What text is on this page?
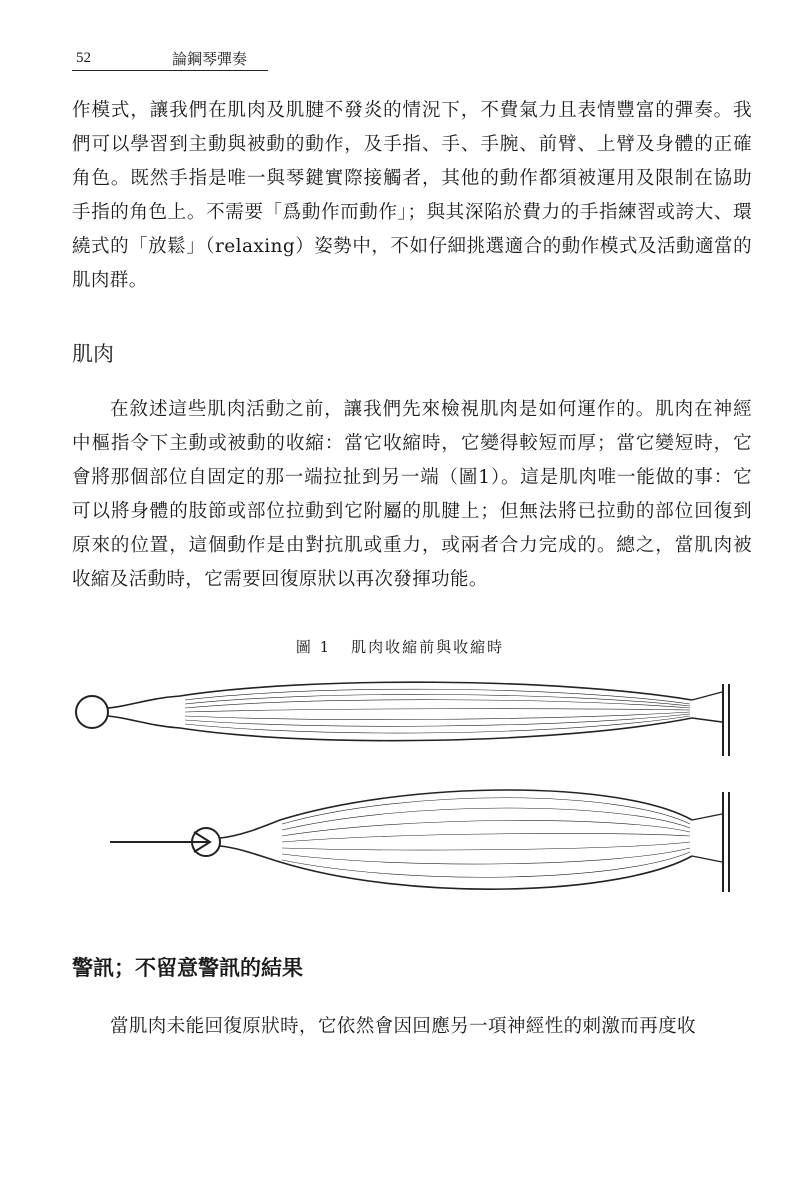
52	論鋼琴彈奏

作模式，讓我們在肌肉及肌腱不發炎的情況下，不費氣力且表情豐富的彈奏。我們可以學習到主動與被動的動作，及手指、手、手腕、前臂、上臂及身體的正確角色。既然手指是唯一與琴鍵實際接觸者，其他的動作都須被運用及限制在協助手指的角色上。不需要「爲動作而動作」；與其深陷於費力的手指練習或誇大、環繞式的「放鬆」（relaxing）姿勢中，不如仔細挑選適合的動作模式及活動適當的肌肉群。

肌肉

在敘述這些肌肉活動之前，讓我們先來檢視肌肉是如何運作的。肌肉在神經中樞指令下主動或被動的收縮：當它收縮時，它變得較短而厚；當它變短時，它會將那個部位自固定的那一端拉扯到另一端（圖1）。這是肌肉唯一能做的事：它可以將身體的肢節或部位拉動到它附屬的肌腱上；但無法將已拉動的部位回復到原來的位置，這個動作是由對抗肌或重力，或兩者合力完成的。總之，當肌肉被收縮及活動時，它需要回復原狀以再次發揮功能。

圖 1 肌肉收縮前與收縮時
警訊；不留意警訊的結果

當肌肉未能回復原狀時，它依然會因回應另一項神經性的刺激而再度收
